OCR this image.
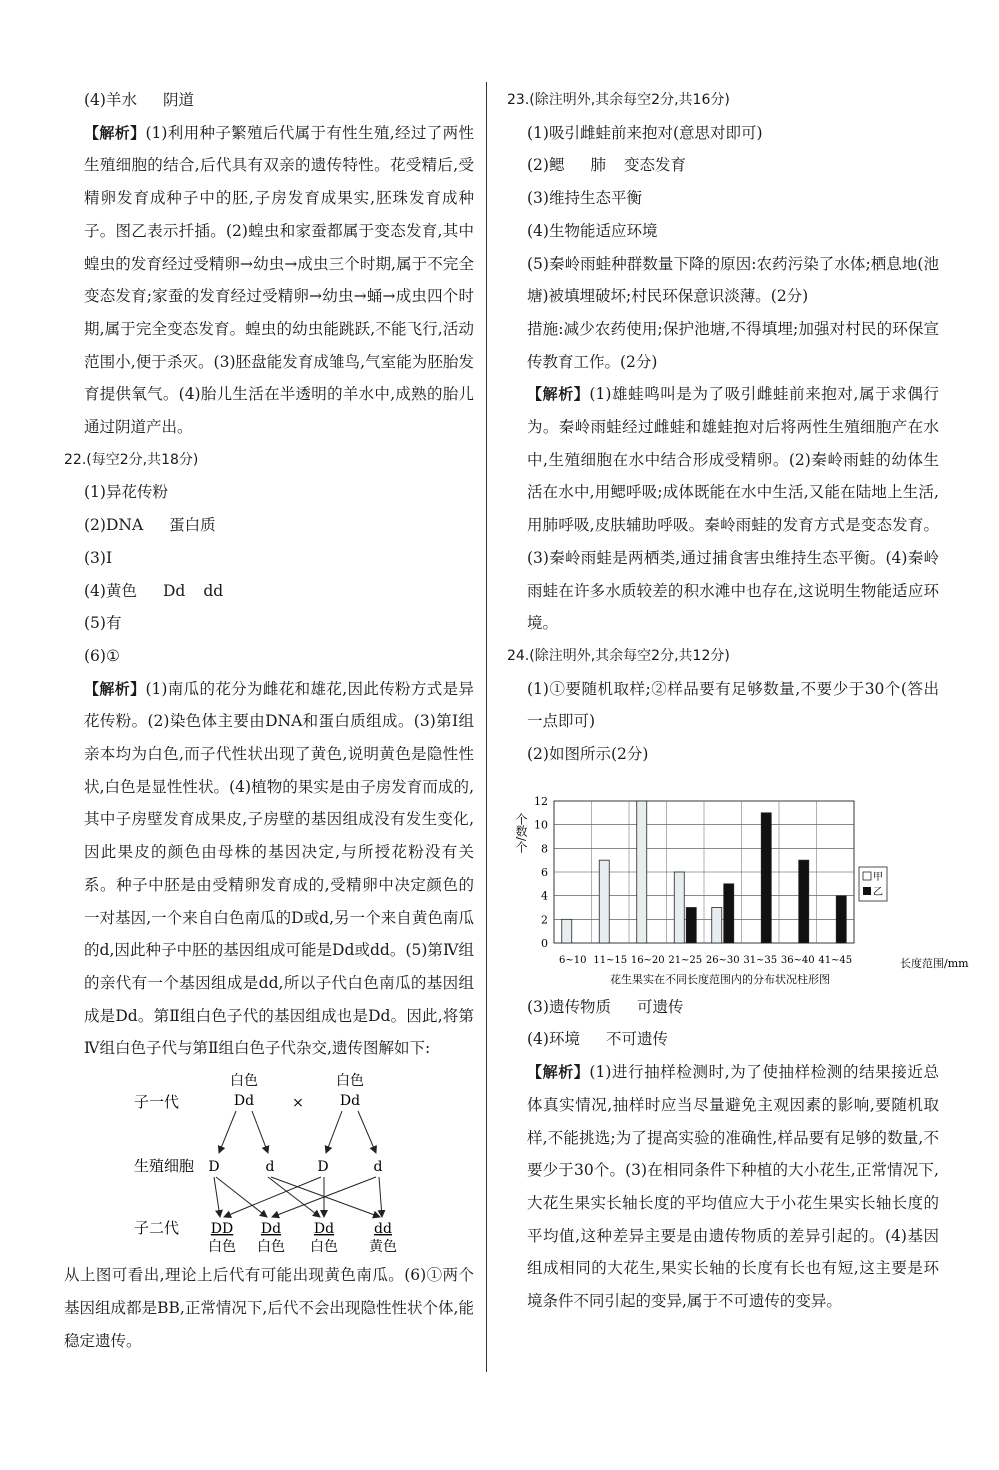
(4)羊水 阴道

【解析】(1)利用种子繁殖后代属于有性生殖,经过了两性生殖细胞的结合,后代具有双亲的遗传特性。花受精后,受精卵发育成种子中的胚,子房发育成果实,胚珠发育成种子。图乙表示扦插。(2)蝗虫和家蚕都属于变态发育,其中蝗虫的发育经过受精卵→幼虫→成虫三个时期,属于不完全变态发育;家蚕的发育经过受精卵→幼虫→蛹→成虫四个时期,属于完全变态发育。蝗虫的幼虫能跳跃,不能飞行,活动范围小,便于杀灭。(3)胚盘能发育成雏鸟,气室能为胚胎发育提供氧气。(4)胎儿生活在半透明的羊水中,成熟的胎儿通过阴道产出。

22.(每空2分,共18分)

(1)异花传粉

(2)DNA 蛋白质

(3)Ⅰ

(4)黄色 Dd dd

(5)有

(6)①

【解析】(1)南瓜的花分为雌花和雄花,因此传粉方式是异花传粉。(2)染色体主要由DNA和蛋白质组成。(3)第Ⅰ组亲本均为白色,而子代性状出现了黄色,说明黄色是隐性性状,白色是显性性状。(4)植物的果实是由子房发育而成的,其中子房壁发育成果皮,子房壁的基因组成没有发生变化,因此果皮的颜色由母株的基因决定,与所授花粉没有关系。种子中胚是由受精卵发育成的,受精卵中决定颜色的一对基因,一个来自白色南瓜的D或d,另一个来自黄色南瓜的d,因此种子中胚的基因组成可能是Dd或dd。(5)第Ⅳ组的亲代有一个基因组成是dd,所以子代白色南瓜的基因组成是Dd。第Ⅱ组白色子代的基因组成也是Dd。因此,将第Ⅳ组白色子代与第Ⅱ组白色子代杂交,遗传图解如下:

子一代
生殖细胞
子二代
白色
Dd	×
白色
Dd
D	d	D	d
DD
白色
Dd
白色
Dd
白色
dd
黄色

从上图可看出,理论上后代有可能出现黄色南瓜。(6)①两个基因组成都是BB,正常情况下,后代不会出现隐性性状个体,能稳定遗传。

23.(除注明外,其余每空2分,共16分)

(1)吸引雌蛙前来抱对(意思对即可)

(2)鳃 肺 变态发育

(3)维持生态平衡

(4)生物能适应环境

(5)秦岭雨蛙种群数量下降的原因:农药污染了水体;栖息地(池塘)被填埋破坏;村民环保意识淡薄。(2分)

措施:减少农药使用;保护池塘,不得填埋;加强对村民的环保宣传教育工作。(2分)

【解析】(1)雄蛙鸣叫是为了吸引雌蛙前来抱对,属于求偶行为。秦岭雨蛙经过雌蛙和雄蛙抱对后将两性生殖细胞产在水中,生殖细胞在水中结合形成受精卵。(2)秦岭雨蛙的幼体生活在水中,用鳃呼吸;成体既能在水中生活,又能在陆地上生活,用肺呼吸,皮肤辅助呼吸。秦岭雨蛙的发育方式是变态发育。(3)秦岭雨蛙是两栖类,通过捕食害虫维持生态平衡。(4)秦岭雨蛙在许多水质较差的积水滩中也存在,这说明生物能适应环境。

24.(除注明外,其余每空2分,共12分)

(1)①要随机取样;②样品要有足够数量,不要少于30个(答出一点即可)

(2)如图所示(2分)

0
2
4
6
8
10
12
6~10 11~15 16~20 21~25 26~30 31~35 36~40 41~45
个数/个
长度范围/mm
花生果实在不同长度范围内的分布状况柱形图
甲
乙

(3)遗传物质 可遗传

(4)环境 不可遗传

【解析】(1)进行抽样检测时,为了使抽样检测的结果接近总体真实情况,抽样时应当尽量避免主观因素的影响,要随机取样,不能挑选;为了提高实验的准确性,样品要有足够的数量,不要少于30个。(3)在相同条件下种植的大小花生,正常情况下,大花生果实长轴长度的平均值应大于小花生果实长轴长度的平均值,这种差异主要是由遗传物质的差异引起的。(4)基因组成相同的大花生,果实长轴的长度有长也有短,这主要是环境条件不同引起的变异,属于不可遗传的变异。
